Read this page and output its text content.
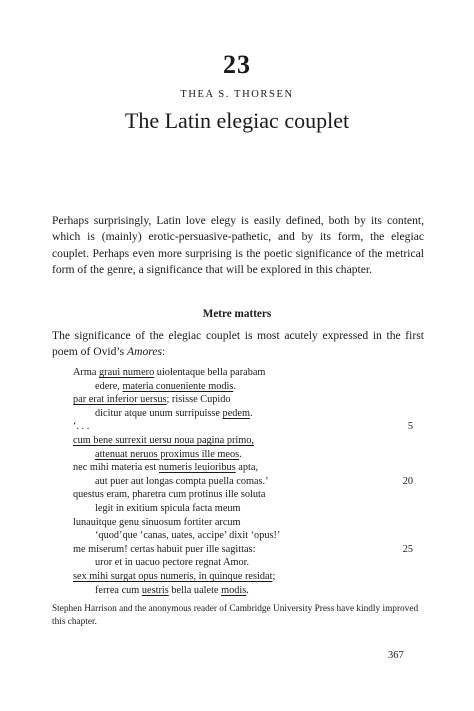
23
THEA S. THORSEN
The Latin elegiac couplet
Perhaps surprisingly, Latin love elegy is easily defined, both by its content, which is (mainly) erotic-persuasive-pathetic, and by its form, the elegiac couplet. Perhaps even more surprising is the poetic significance of the metrical form of the genre, a significance that will be explored in this chapter.
Metre matters
The significance of the elegiac couplet is most acutely expressed in the first poem of Ovid’s Amores:
Arma graui numero uiolentaque bella parabam
edere, materia conueniente modis.
par erat inferior uersus; risisse Cupido
dicitur atque unum surripuisse pedem.
‘. . .	5
cum bene surrexit uersu noua pagina primo,
attenuat neruos proximus ille meos.
nec mihi materia est numeris leuioribus apta,
aut puer aut longas compta puella comas.’	20
questus eram, pharetra cum protinus ille soluta
legit in exitium spicula facta meum
lunauitque genu sinuosum fortiter arcum
‘quod’que ‘canas, uates, accipe’ dixit ‘opus!’
me miserum! certas habuit puer ille sagittas:	25
uror et in uacuo pectore regnat Amor.
sex mihi surgat opus numeris, in quinque residat;
ferrea cum uestris bella ualete modis.
Stephen Harrison and the anonymous reader of Cambridge University Press have kindly improved this chapter.
367
